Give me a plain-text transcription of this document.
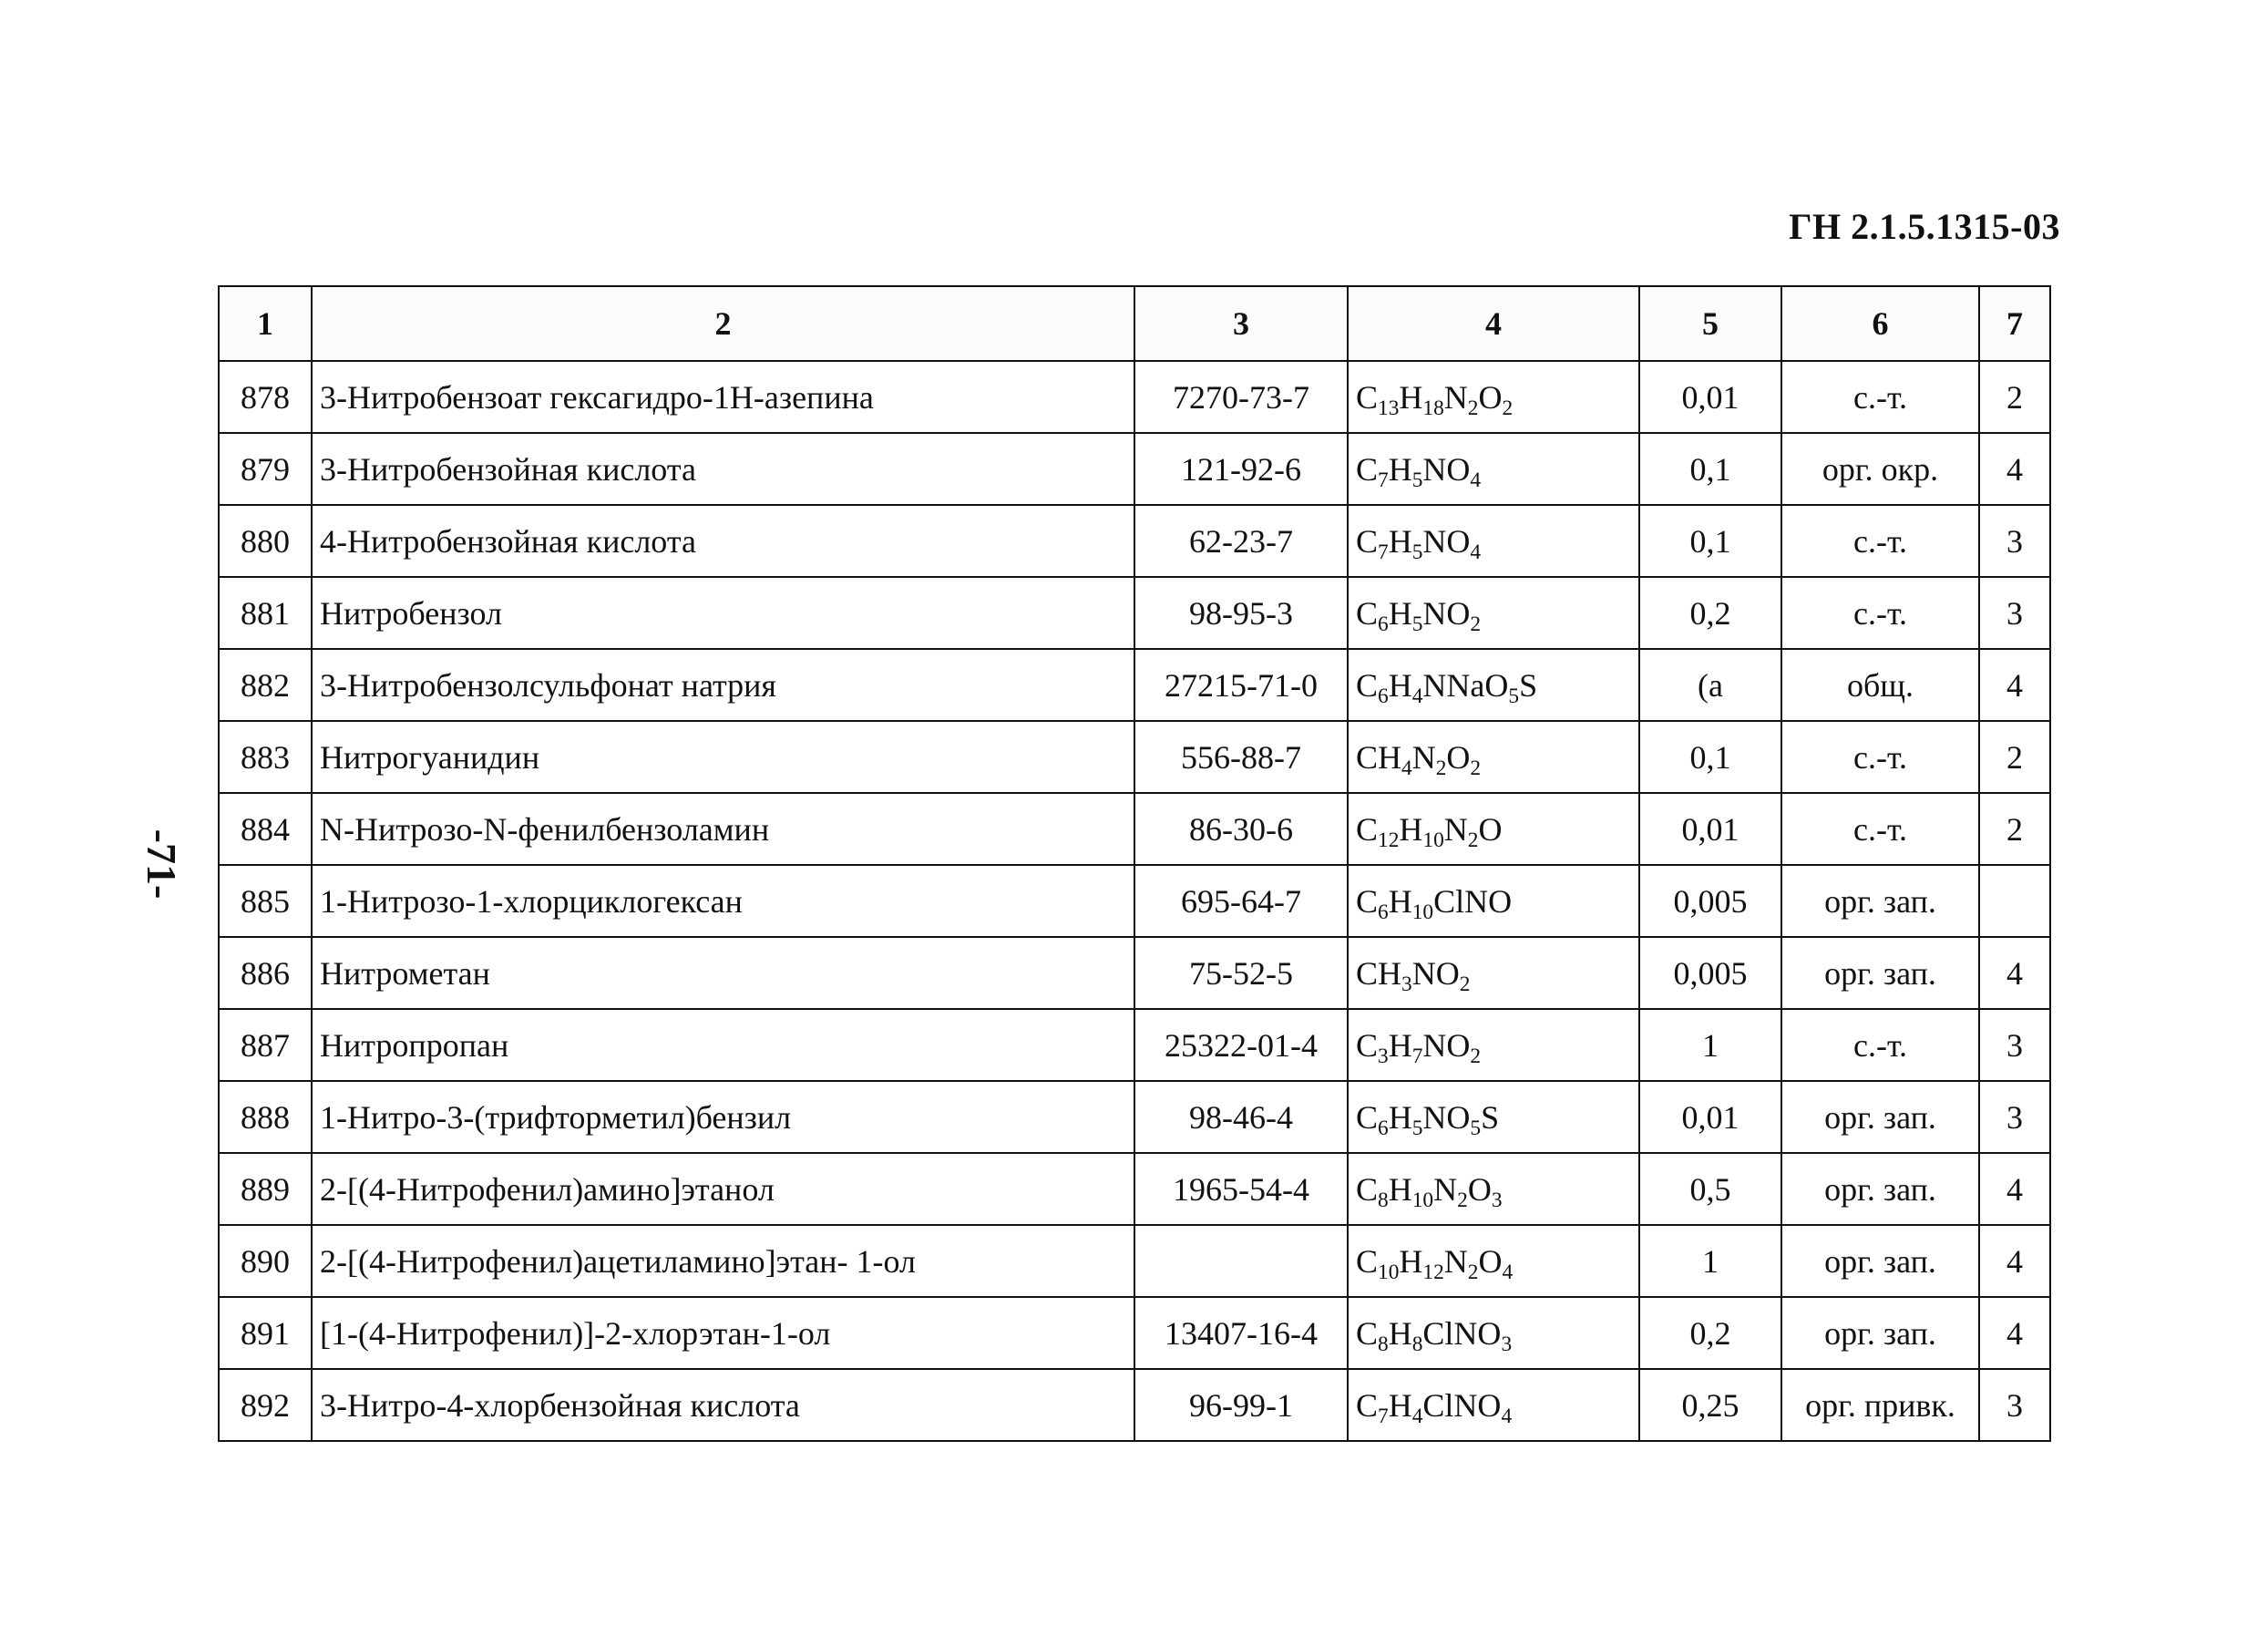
ГН 2.1.5.1315-03
-71-
1	2	3	4	5	6	7
878	3-Нитробензоат гексагидро-1Н-азепина	7270-73-7	$C_{13}H_{18}N_2O_2$	0,01	с.-т.	2
879	3-Нитробензойная кислота	121-92-6	$C_7H_5NO_4$	0,1	орг. окр.	4
880	4-Нитробензойная кислота	62-23-7	$C_7H_5NO_4$	0,1	с.-т.	3
881	Нитробензол	98-95-3	$C_6H_5NO_2$	0,2	с.-т.	3
882	3-Нитробензолсульфонат натрия	27215-71-0	$C_6H_4NNaO_5S$	(а	общ.	4
883	Нитрогуанидин	556-88-7	$CH_4N_2O_2$	0,1	с.-т.	2
884	N-Нитрозо-N-фенилбензоламин	86-30-6	$C_{12}H_{10}N_2O$	0,01	с.-т.	2
885	1-Нитрозо-1-хлорциклогексан	695-64-7	$C_6H_{10}ClNO$	0,005	орг. зап.	
886	Нитрометан	75-52-5	$CH_3NO_2$	0,005	орг. зап.	4
887	Нитропропан	25322-01-4	$C_3H_7NO_2$	1	с.-т.	3
888	1-Нитро-3-(трифторметил)бензил	98-46-4	$C_6H_5NO_5S$	0,01	орг. зап.	3
889	2-[(4-Нитрофенил)амино]этанол	1965-54-4	$C_8H_{10}N_2O_3$	0,5	орг. зап.	4
890	2-[(4-Нитрофенил)ацетиламино]этан- 1-ол		$C_{10}H_{12}N_2O_4$	1	орг. зап.	4
891	[1-(4-Нитрофенил)]-2-хлорэтан-1-ол	13407-16-4	$C_8H_8ClNO_3$	0,2	орг. зап.	4
892	3-Нитро-4-хлорбензойная кислота	96-99-1	$C_7H_4ClNO_4$	0,25	орг. привк.	3
